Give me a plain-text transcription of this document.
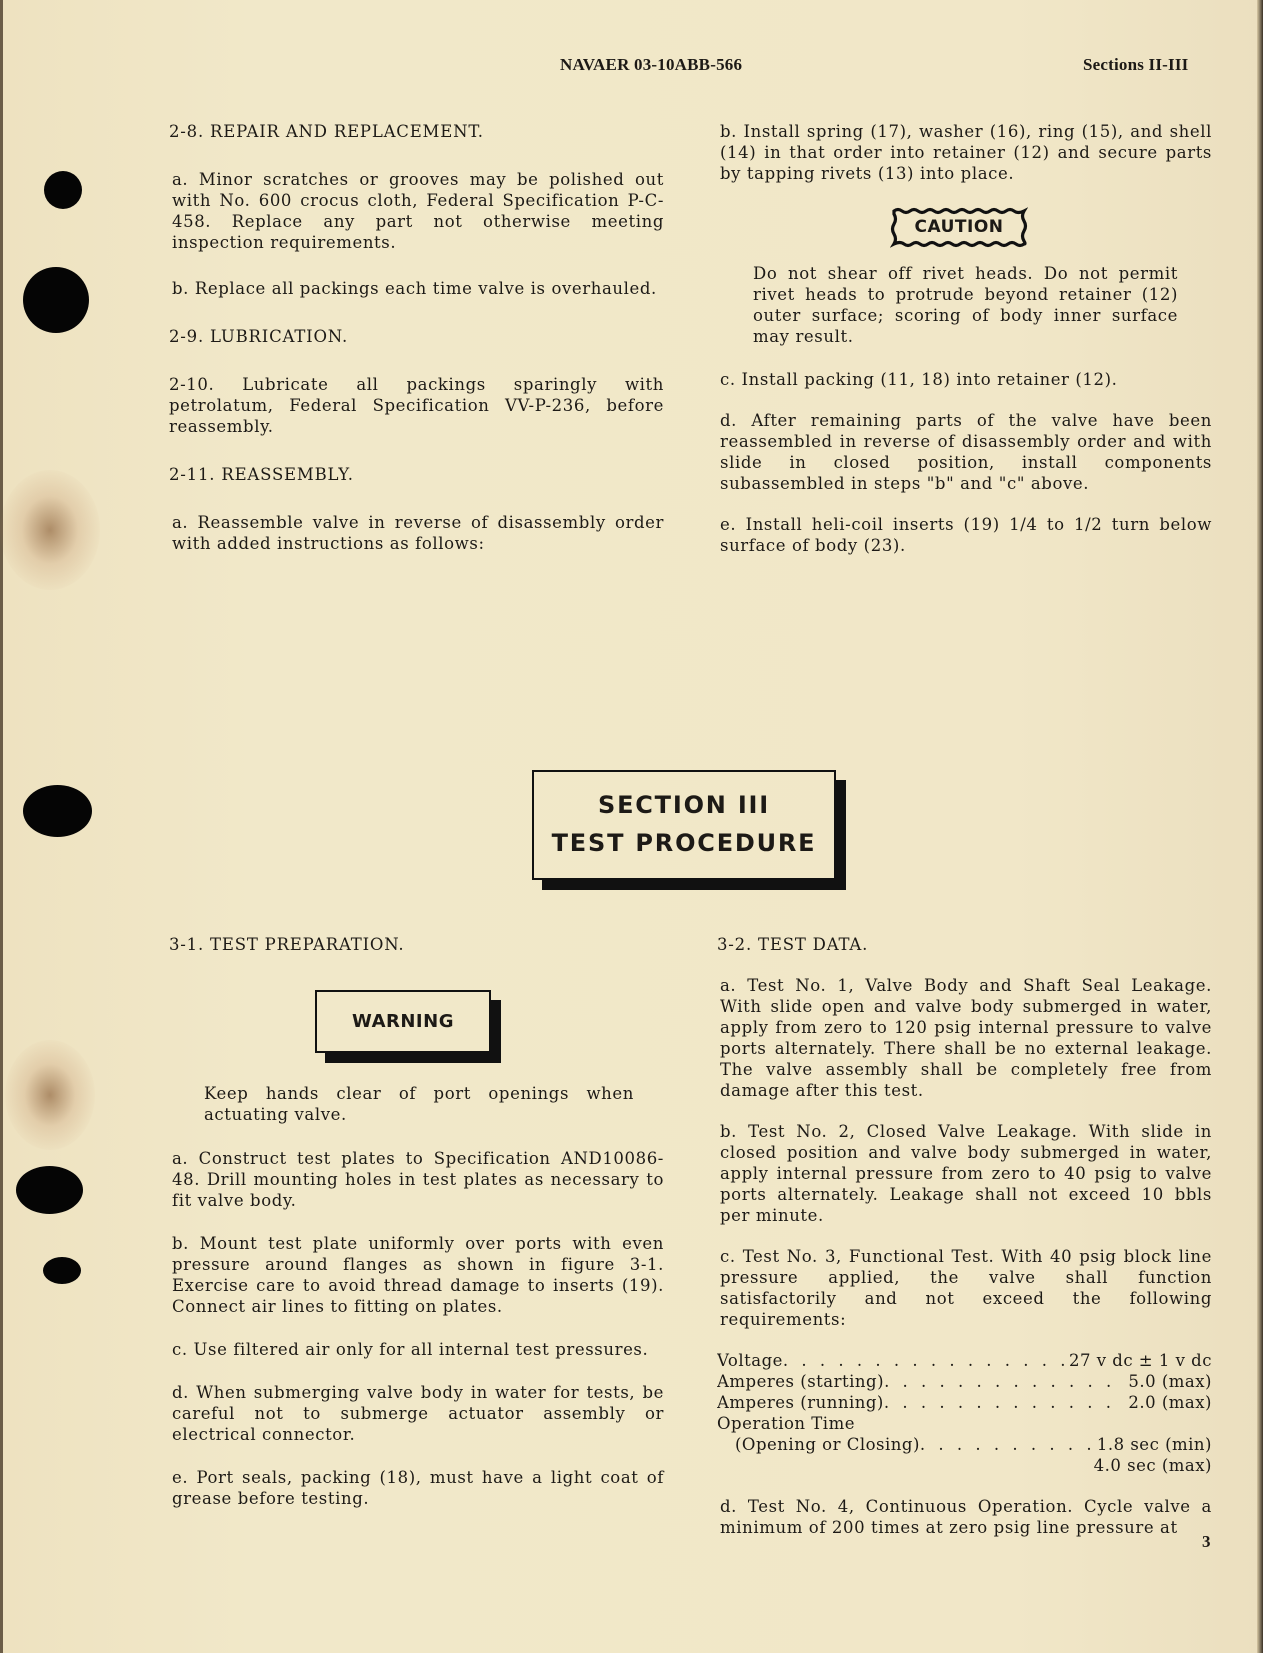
NAVAER 03-10ABB-566	Sections II-III

2-8. REPAIR AND REPLACEMENT.

a. Minor scratches or grooves may be polished out with No. 600 crocus cloth, Federal Specification P-C-458. Replace any part not otherwise meeting inspection requirements.

b. Replace all packings each time valve is overhauled.

2-9. LUBRICATION.

2-10. Lubricate all packings sparingly with petrolatum, Federal Specification VV-P-236, before reassembly.

2-11. REASSEMBLY.

a. Reassemble valve in reverse of disassembly order with added instructions as follows:

b. Install spring (17), washer (16), ring (15), and shell (14) in that order into retainer (12) and secure parts by tapping rivets (13) into place.

CAUTION

Do not shear off rivet heads. Do not permit rivet heads to protrude beyond retainer (12) outer surface; scoring of body inner surface may result.

c. Install packing (11, 18) into retainer (12).

d. After remaining parts of the valve have been reassembled in reverse of disassembly order and with slide in closed position, install components subassembled in steps "b" and "c" above.

e. Install heli-coil inserts (19) 1/4 to 1/2 turn below surface of body (23).

SECTION III
TEST PROCEDURE

3-1. TEST PREPARATION.

WARNING

Keep hands clear of port openings when actuating valve.

a. Construct test plates to Specification AND10086-48. Drill mounting holes in test plates as necessary to fit valve body.

b. Mount test plate uniformly over ports with even pressure around flanges as shown in figure 3-1. Exercise care to avoid thread damage to inserts (19). Connect air lines to fitting on plates.

c. Use filtered air only for all internal test pressures.

d. When submerging valve body in water for tests, be careful not to submerge actuator assembly or electrical connector.

e. Port seals, packing (18), must have a light coat of grease before testing.

3-2. TEST DATA.

a. Test No. 1, Valve Body and Shaft Seal Leakage. With slide open and valve body submerged in water, apply from zero to 120 psig internal pressure to valve ports alternately. There shall be no external leakage. The valve assembly shall be completely free from damage after this test.

b. Test No. 2, Closed Valve Leakage. With slide in closed position and valve body submerged in water, apply internal pressure from zero to 40 psig to valve ports alternately. Leakage shall not exceed 10 bbls per minute.

c. Test No. 3, Functional Test. With 40 psig block line pressure applied, the valve shall function satisfactorily and not exceed the following requirements:

Voltage . . .	27 v dc ± 1 v dc
Amperes (starting) . . .	5.0 (max)
Amperes (running) . . .	2.0 (max)
Operation Time
(Opening or Closing) . . .	1.8 sec (min)
4.0 sec (max)

d. Test No. 4, Continuous Operation. Cycle valve a minimum of 200 times at zero psig line pressure at

3
